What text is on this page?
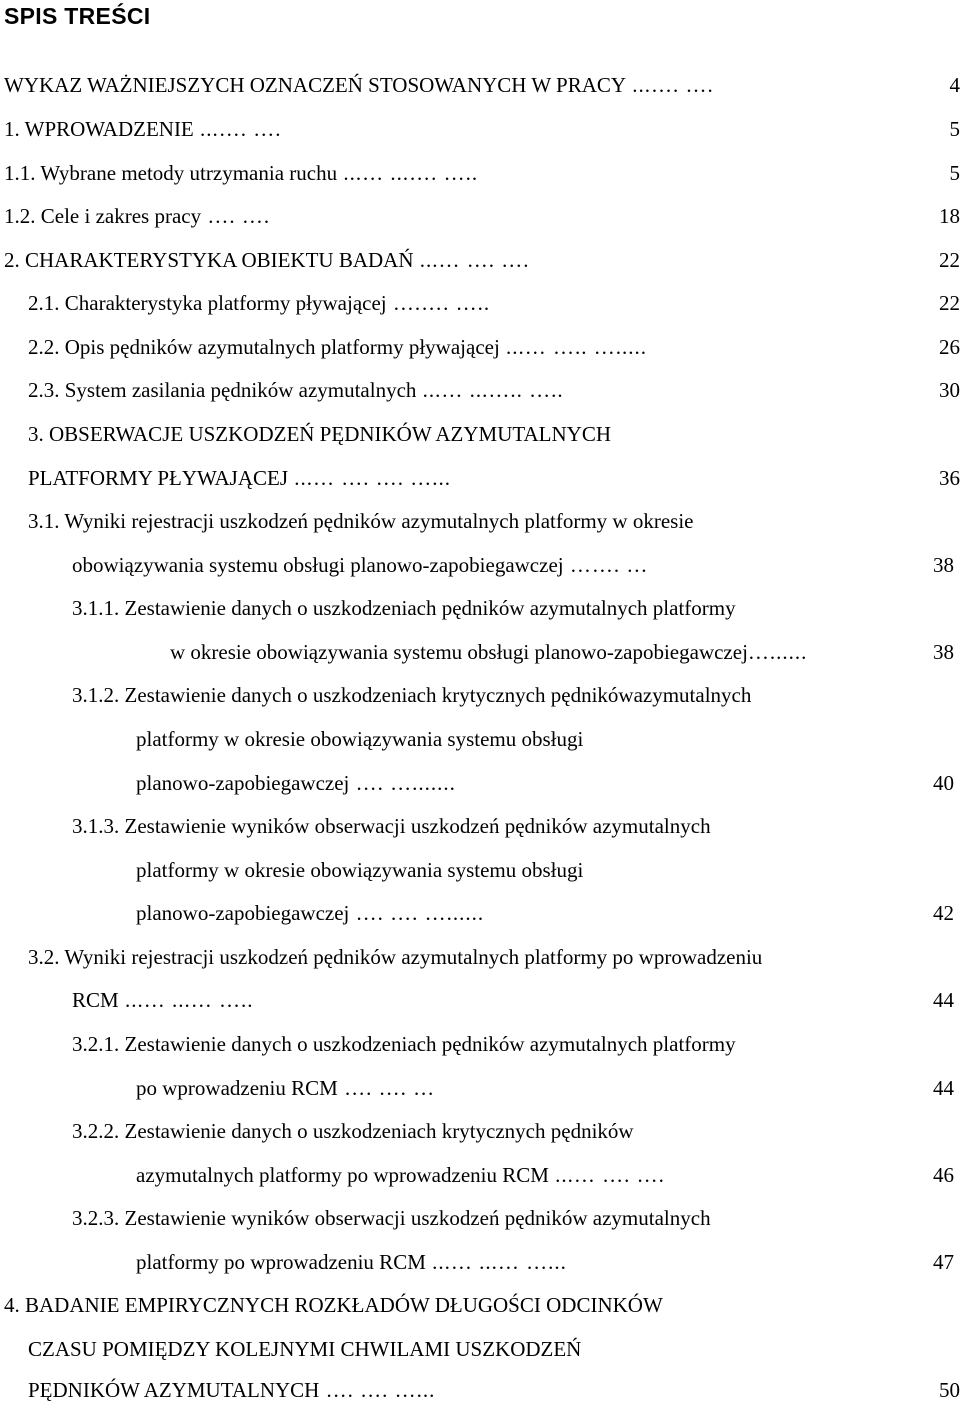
SPIS TREŚCI
WYKAZ WAŻNIEJSZYCH OZNACZEŃ STOSOWANYCH W PRACY ...…. ….	4
1. WPROWADZENIE ...…. ….	5
1.1. Wybrane metody utrzymania ruchu ...… ...…. …..	5
1.2. Cele i zakres pracy …. ….	18
2. CHARAKTERYSTYKA OBIEKTU BADAŃ ...… …. ….	22
2.1. Charakterystyka platformy pływającej ….…. …..	22
2.2. Opis pędników azymutalnych platformy pływającej ...… ….. ….....	26
2.3. System zasilania pędników azymutalnych ...… ...….. …..	30
3. OBSERWACJE USZKODZEŃ PĘDNIKÓW AZYMUTALNYCH
PLATFORMY PŁYWAJĄCEJ ...… …. …. …...	36
3.1. Wyniki rejestracji uszkodzeń pędników azymutalnych platformy w okresie
obowiązywania systemu obsługi planowo-zapobiegawczej ……. …	38
3.1.1. Zestawienie danych o uszkodzeniach pędników azymutalnych platformy
w okresie obowiązywania systemu obsługi planowo-zapobiegawczej …......	38
3.1.2. Zestawienie danych o uszkodzeniach krytycznych pędnikówazymutalnych
platformy w okresie obowiązywania systemu obsługi
planowo-zapobiegawczej …. ….......	40
3.1.3. Zestawienie wyników obserwacji uszkodzeń pędników azymutalnych
platformy w okresie obowiązywania systemu obsługi
planowo-zapobiegawczej …. …. …......	42
3.2. Wyniki rejestracji uszkodzeń pędników azymutalnych platformy po wprowadzeniu
RCM ...… ...… …..	44
3.2.1. Zestawienie danych o uszkodzeniach pędników azymutalnych platformy
po wprowadzeniu RCM …. …. …	44
3.2.2. Zestawienie danych o uszkodzeniach krytycznych pędników
azymutalnych platformy po wprowadzeniu RCM ...… …. ….	46
3.2.3. Zestawienie wyników obserwacji uszkodzeń pędników azymutalnych
platformy po wprowadzeniu RCM ...… ...… …...	47
4. BADANIE EMPIRYCZNYCH ROZKŁADÓW DŁUGOŚCI ODCINKÓW
CZASU POMIĘDZY KOLEJNYMI CHWILAMI USZKODZEŃ
PĘDNIKÓW AZYMUTALNYCH …. …. …...	50
